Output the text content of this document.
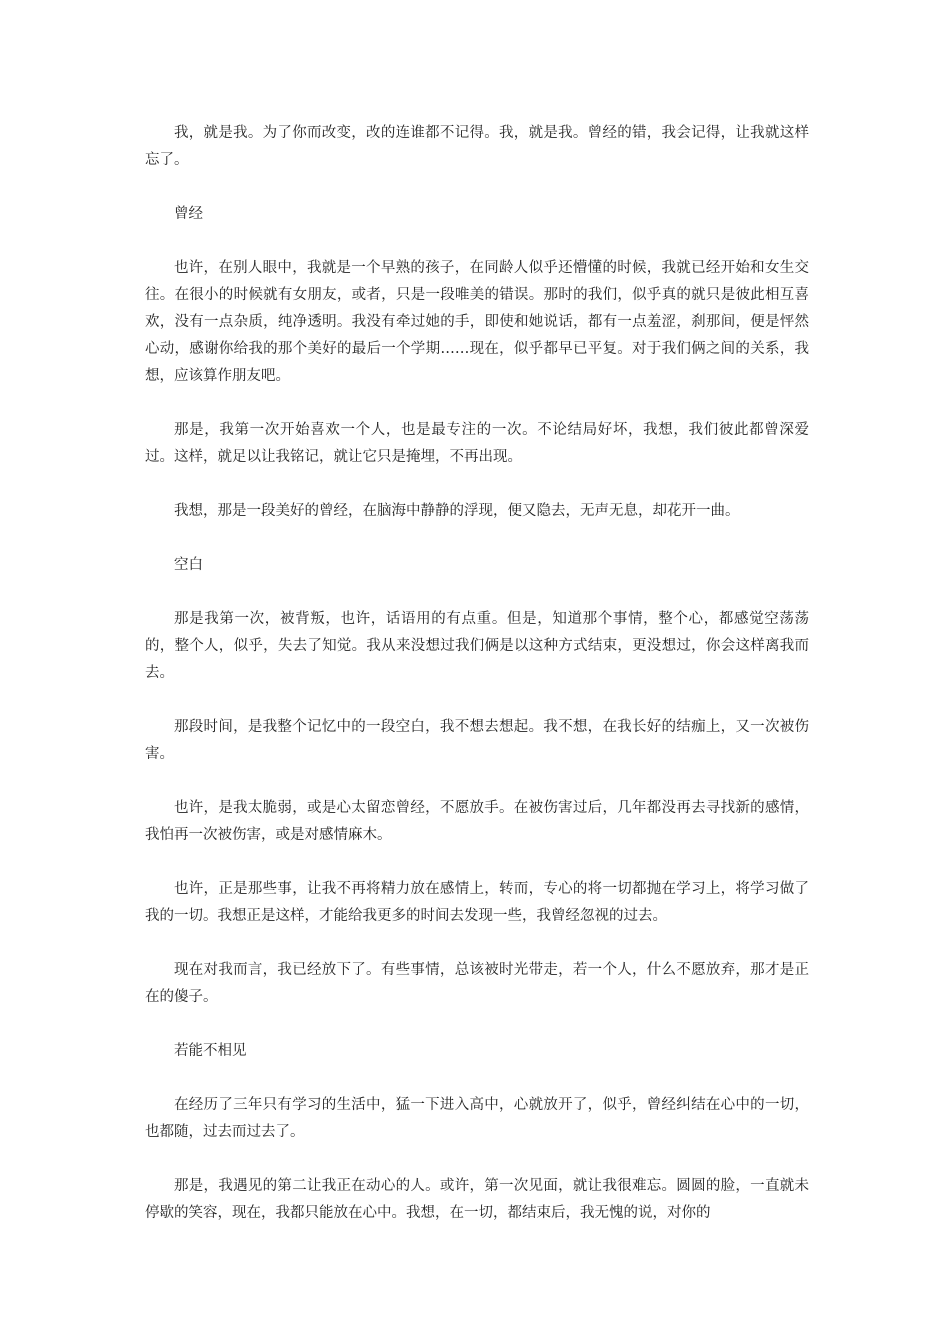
我，就是我。为了你而改变，改的连谁都不记得。我，就是我。曾经的错，我会记得，让我就这样忘了。

曾经

也许，在别人眼中，我就是一个早熟的孩子，在同龄人似乎还懵懂的时候，我就已经开始和女生交往。在很小的时候就有女朋友，或者，只是一段唯美的错误。那时的我们，似乎真的就只是彼此相互喜欢，没有一点杂质，纯净透明。我没有牵过她的手，即使和她说话，都有一点羞涩，刹那间，便是怦然心动，感谢你给我的那个美好的最后一个学期……现在，似乎都早已平复。对于我们俩之间的关系，我想，应该算作朋友吧。

那是，我第一次开始喜欢一个人，也是最专注的一次。不论结局好坏，我想，我们彼此都曾深爱过。这样，就足以让我铭记，就让它只是掩埋，不再出现。

我想，那是一段美好的曾经，在脑海中静静的浮现，便又隐去，无声无息，却花开一曲。

空白

那是我第一次，被背叛，也许，话语用的有点重。但是，知道那个事情，整个心，都感觉空荡荡的，整个人，似乎，失去了知觉。我从来没想过我们俩是以这种方式结束，更没想过，你会这样离我而去。

那段时间，是我整个记忆中的一段空白，我不想去想起。我不想，在我长好的结痂上，又一次被伤害。

也许，是我太脆弱，或是心太留恋曾经，不愿放手。在被伤害过后，几年都没再去寻找新的感情，我怕再一次被伤害，或是对感情麻木。

也许，正是那些事，让我不再将精力放在感情上，转而，专心的将一切都抛在学习上，将学习做了我的一切。我想正是这样，才能给我更多的时间去发现一些，我曾经忽视的过去。

现在对我而言，我已经放下了。有些事情，总该被时光带走，若一个人，什么不愿放弃，那才是正在的傻子。

若能不相见

在经历了三年只有学习的生活中，猛一下进入高中，心就放开了，似乎，曾经纠结在心中的一切，也都随，过去而过去了。

那是，我遇见的第二让我正在动心的人。或许，第一次见面，就让我很难忘。圆圆的脸，一直就未停歇的笑容，现在，我都只能放在心中。我想，在一切，都结束后，我无愧的说，对你的
